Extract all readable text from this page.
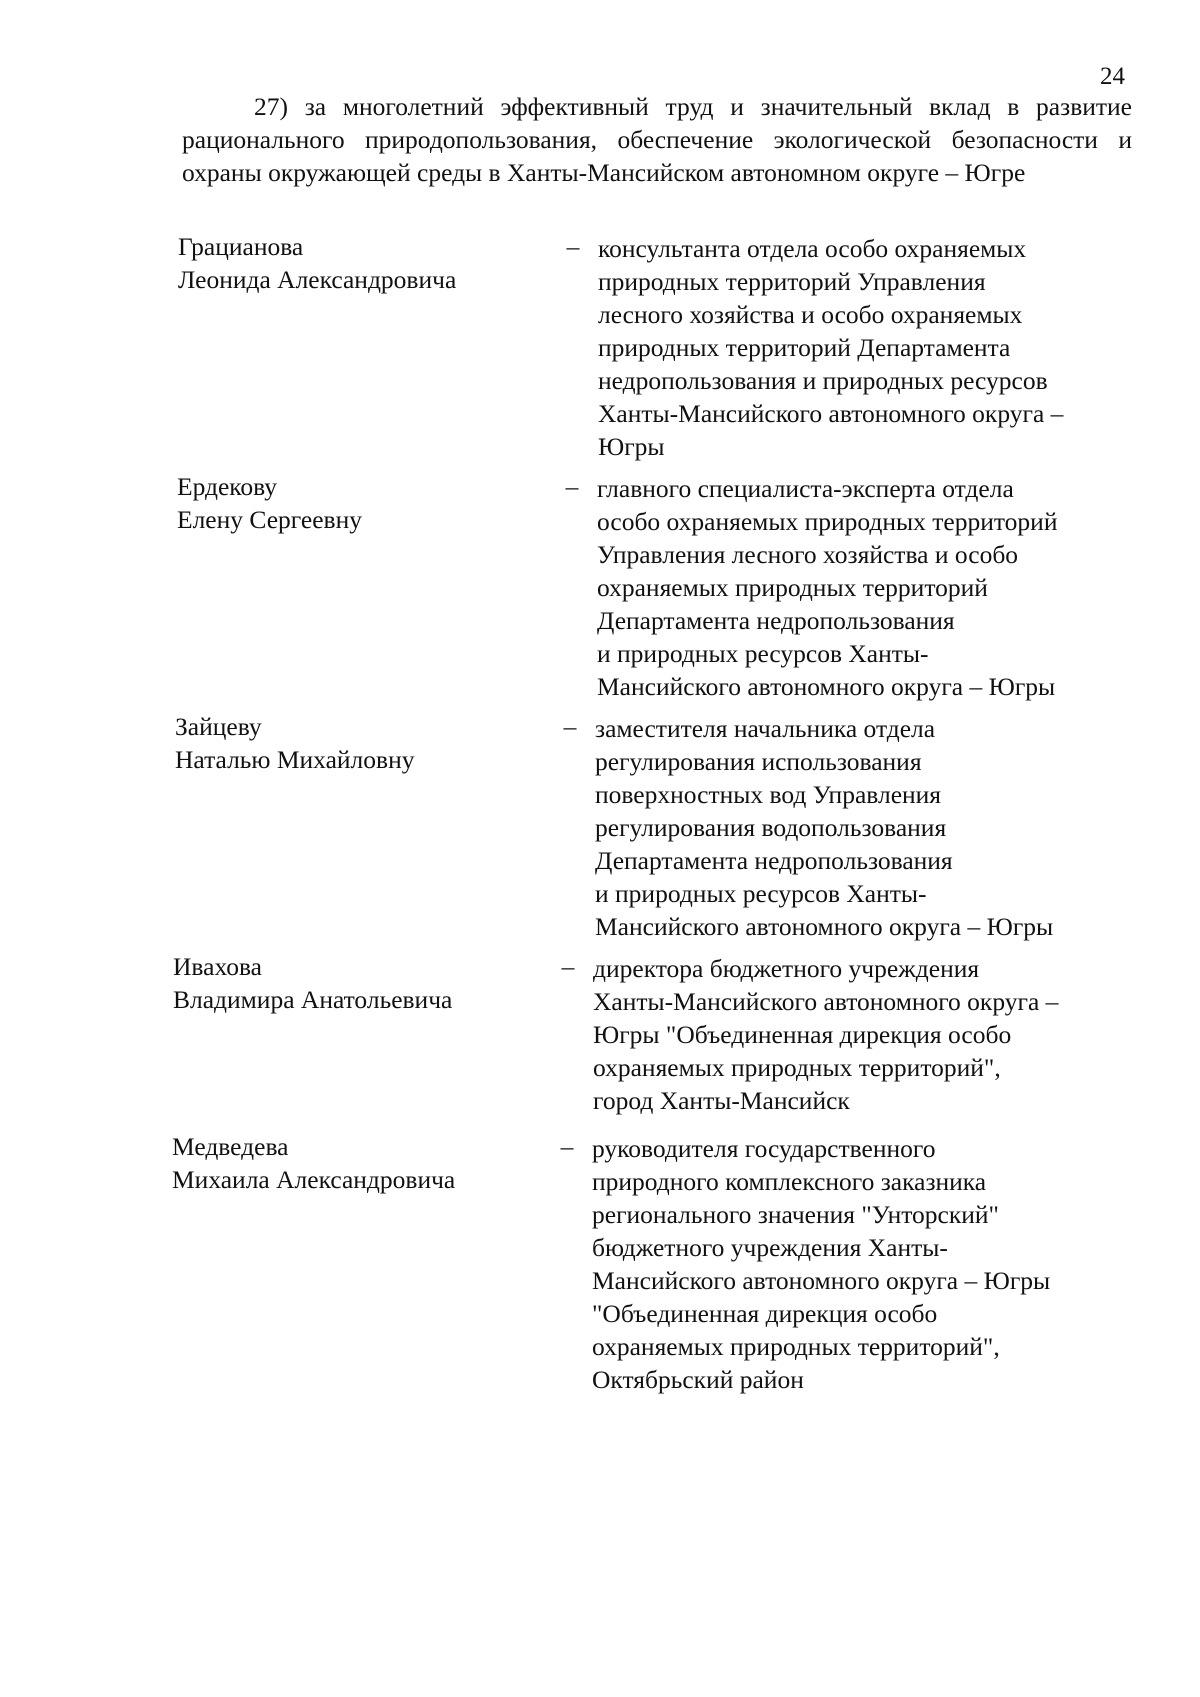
24
27) за многолетний эффективный труд и значительный вклад в развитие рационального природопользования, обеспечение экологической безопасности и охраны окружающей среды в Ханты-Мансийском автономном округе – Югре
Грацианова
Леонида Александровича
– консультанта отдела особо охраняемых
природных территорий Управления
лесного хозяйства и особо охраняемых
природных территорий Департамента
недропользования и природных ресурсов
Ханты-Мансийского автономного округа –
Югры
Ердекову
Елену Сергеевну
– главного специалиста-эксперта отдела
особо охраняемых природных территорий
Управления лесного хозяйства и особо
охраняемых природных территорий
Департамента недропользования
и природных ресурсов Ханты-
Мансийского автономного округа – Югры
Зайцеву
Наталью Михайловну
– заместителя начальника отдела
регулирования использования
поверхностных вод Управления
регулирования водопользования
Департамента недропользования
и природных ресурсов Ханты-
Мансийского автономного округа – Югры
Ивахова
Владимира Анатольевича
– директора бюджетного учреждения
Ханты-Мансийского автономного округа –
Югры "Объединенная дирекция особо
охраняемых природных территорий",
город Ханты-Мансийск
Медведева
Михаила Александровича
– руководителя государственного
природного комплексного заказника
регионального значения "Унторский"
бюджетного учреждения Ханты-
Мансийского автономного округа – Югры
"Объединенная дирекция особо
охраняемых природных территорий",
Октябрьский район
